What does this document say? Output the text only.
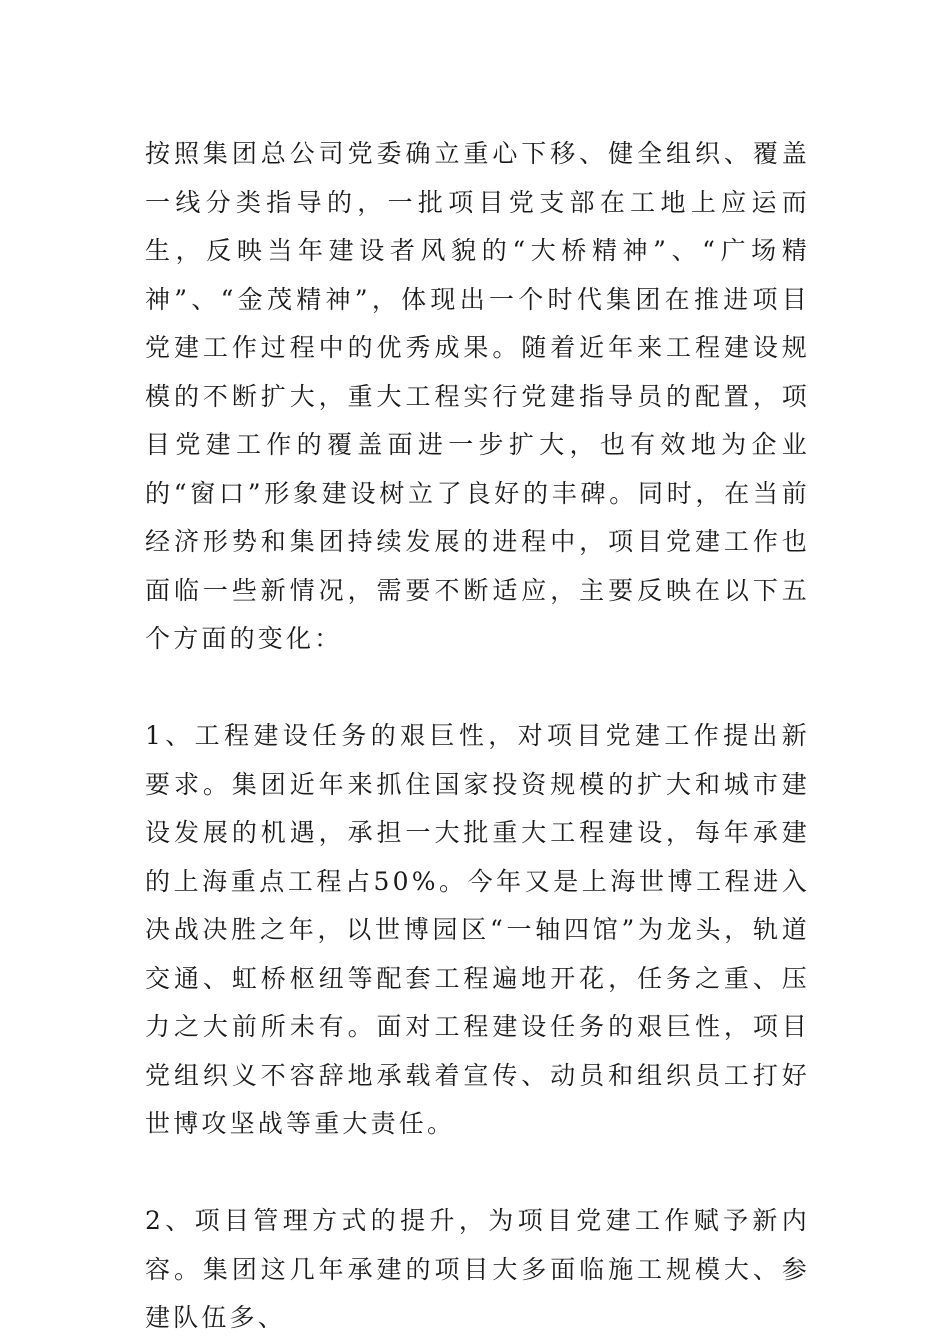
按照集团总公司党委确立重心下移、健全组织、覆盖一线分类指导的，一批项目党支部在工地上应运而生，反映当年建设者风貌的“大桥精神”、“广场精神”、“金茂精神”，体现出一个时代集团在推进项目党建工作过程中的优秀成果。随着近年来工程建设规模的不断扩大，重大工程实行党建指导员的配置，项目党建工作的覆盖面进一步扩大，也有效地为企业的“窗口”形象建设树立了良好的丰碑。同时，在当前经济形势和集团持续发展的进程中，项目党建工作也面临一些新情况，需要不断适应，主要反映在以下五个方面的变化：

1、工程建设任务的艰巨性，对项目党建工作提出新要求。集团近年来抓住国家投资规模的扩大和城市建设发展的机遇，承担一大批重大工程建设，每年承建的上海重点工程占50%。今年又是上海世博工程进入决战决胜之年，以世博园区“一轴四馆”为龙头，轨道交通、虹桥枢纽等配套工程遍地开花，任务之重、压力之大前所未有。面对工程建设任务的艰巨性，项目党组织义不容辞地承载着宣传、动员和组织员工打好世博攻坚战等重大责任。

2、项目管理方式的提升，为项目党建工作赋予新内容。集团这几年承建的项目大多面临施工规模大、参建队伍多、
